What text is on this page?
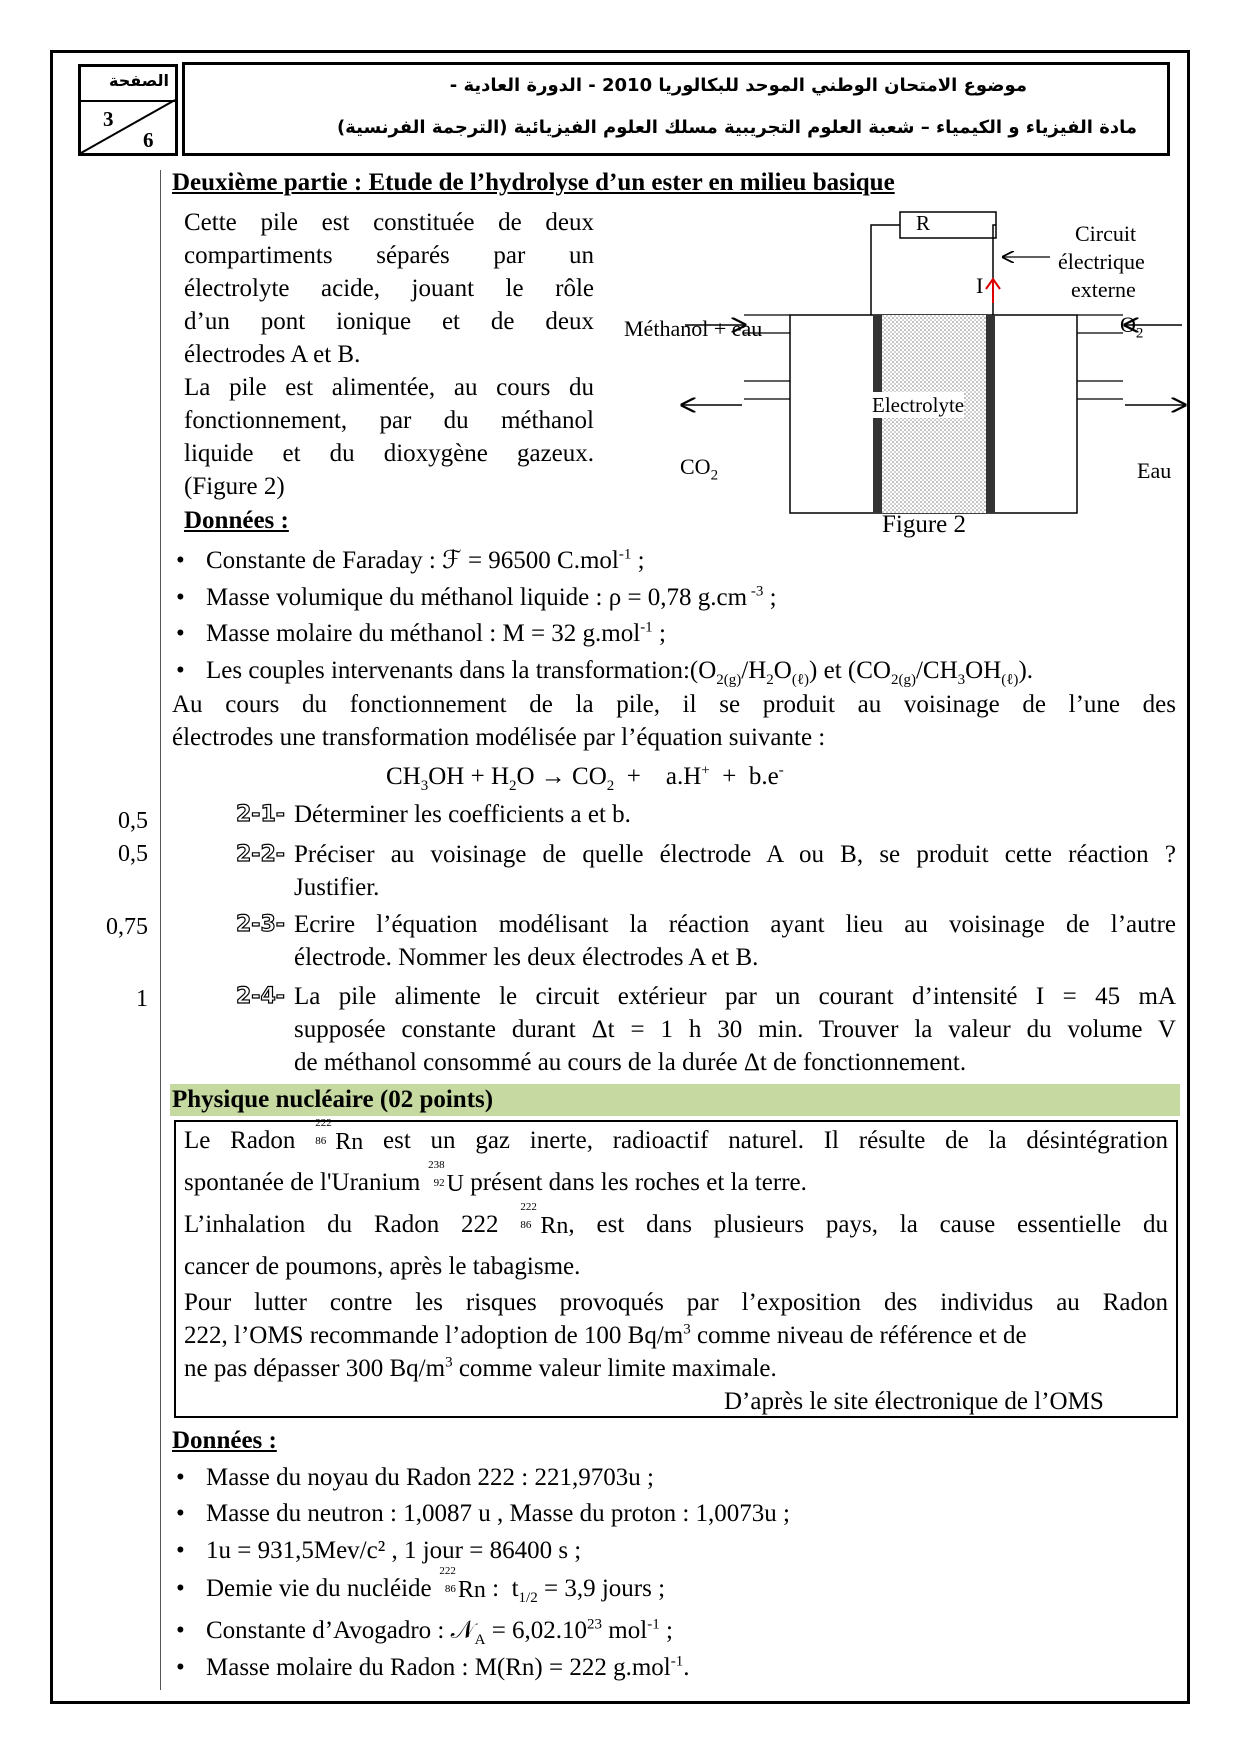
الصفحة
3
6
موضوع الامتحان الوطني الموحد للبكالوريا 2010 - الدورة العادية -
مادة الفيزياء و الكيمياء – شعبة العلوم التجريبية مسلك العلوم الفيزيائية (الترجمة الفرنسية)
Deuxième partie : Etude de l’hydrolyse d’un ester en milieu basique
Cette pile est constituée de deux
compartiments séparés par un
électrolyte acide, jouant le rôle
d’un pont ionique et de deux
électrodes A et B.
La pile est alimentée, au cours du
fonctionnement, par du méthanol
liquide et du dioxygène gazeux.
(Figure 2)
Données :
R
I
Circuit
électrique
externe
Méthanol + eau	$O_2$
Electrolyte
$CO_2$	Eau
Figure 2
• Constante de Faraday : ℱ = 96500 C.mol$^{-1}$ ;
• Masse volumique du méthanol liquide : ρ = 0,78 g.cm $^{-3}$ ;
• Masse molaire du méthanol : M = 32 g.mol$^{-1}$ ;
• Les couples intervenants dans la $transformation:(O_{2(g)}/H_2O_{(\ell)})$ et $(CO_{2(g)}/CH_3OH_{(\ell)})$.
Au cours du fonctionnement de la pile, il se produit au voisinage de l’une des
électrodes une transformation modélisée par l’équation suivante :
$CH_3OH + H_2O \to CO_2$  +    a.H+  +  b.e-
0,5
0,5
0,75
1
2-1- Déterminer les coefficients a et b.
2-2- Préciser au voisinage de quelle électrode A ou B, se produit cette réaction ?
Justifier.
2-3- Ecrire l’équation modélisant la réaction ayant lieu au voisinage de l’autre
électrode. Nommer les deux électrodes A et B.
2-4- La pile alimente le circuit extérieur par un courant d’intensité I = 45 mA
supposée constante durant Δt = 1 h 30 min. Trouver la valeur du volume V
de méthanol consommé au cours de la durée Δt de fonctionnement.
Physique nucléaire (02 points)
Le Radon
222
86 Rn est un gaz inerte, radioactif naturel. Il résulte de la désintégration
spontanée de l'Uranium
238
92 U présent dans les roches et la terre.
L’inhalation du Radon 222
222
86 Rn, est dans plusieurs pays, la cause essentielle du
cancer de poumons, après le tabagisme.
Pour lutter contre les risques provoqués par l’exposition des individus au Radon
222, l’OMS recommande l’adoption de 100 $Bq/m^3$ comme niveau de référence et de
ne pas dépasser 300 $Bq/m^3$ comme valeur limite maximale.
D’après le site électronique de l’OMS
Données :
• Masse du noyau du Radon 222 : 221,9703u ;
• Masse du neutron : 1,0087 u , Masse du proton : 1,0073u ;
• 1u = 931,5Mev/c² , 1 jour = 86400 s ;
• Demie vie du nucléide
222
86 Rn :  $t_{1/2} = 3,9$ jours ;
• Constante d’Avogadro : 𝒩$_A$ = $6,02.10^{23}$ mol$^{-1}$ ;
• Masse molaire du Radon : M(Rn) = 222 g.mol$^{-1}$.
